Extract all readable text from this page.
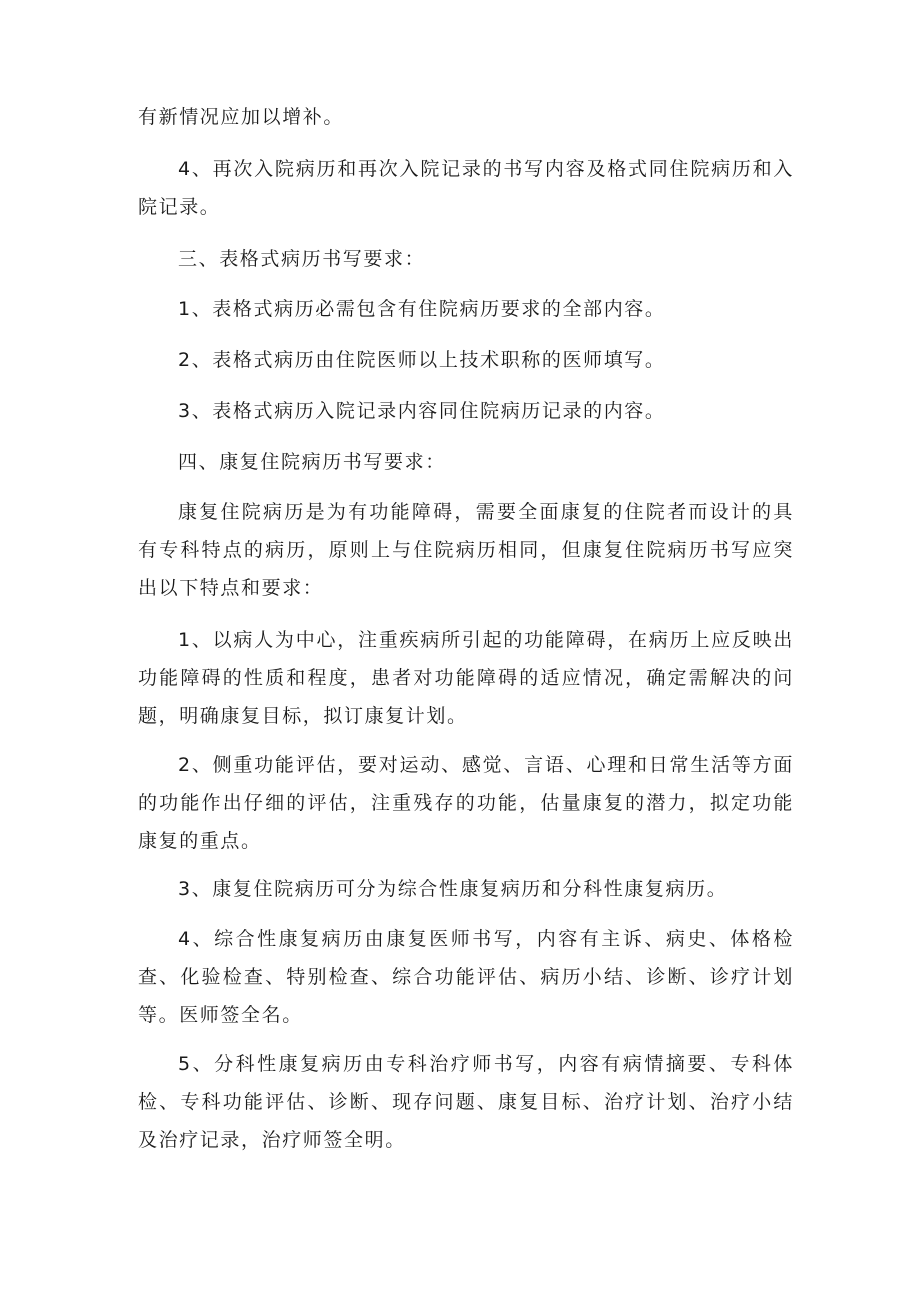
有新情况应加以增补。

4、再次入院病历和再次入院记录的书写内容及格式同住院病历和入院记录。

三、表格式病历书写要求：

1、表格式病历必需包含有住院病历要求的全部内容。

2、表格式病历由住院医师以上技术职称的医师填写。

3、表格式病历入院记录内容同住院病历记录的内容。

四、康复住院病历书写要求：

康复住院病历是为有功能障碍，需要全面康复的住院者而设计的具有专科特点的病历，原则上与住院病历相同，但康复住院病历书写应突出以下特点和要求：

1、以病人为中心，注重疾病所引起的功能障碍，在病历上应反映出功能障碍的性质和程度，患者对功能障碍的适应情况，确定需解决的问题，明确康复目标，拟订康复计划。

2、侧重功能评估，要对运动、感觉、言语、心理和日常生活等方面的功能作出仔细的评估，注重残存的功能，估量康复的潜力，拟定功能康复的重点。

3、康复住院病历可分为综合性康复病历和分科性康复病历。

4、综合性康复病历由康复医师书写，内容有主诉、病史、体格检查、化验检查、特别检查、综合功能评估、病历小结、诊断、诊疗计划等。医师签全名。

5、分科性康复病历由专科治疗师书写，内容有病情摘要、专科体检、专科功能评估、诊断、现存问题、康复目标、治疗计划、治疗小结及治疗记录，治疗师签全明。
